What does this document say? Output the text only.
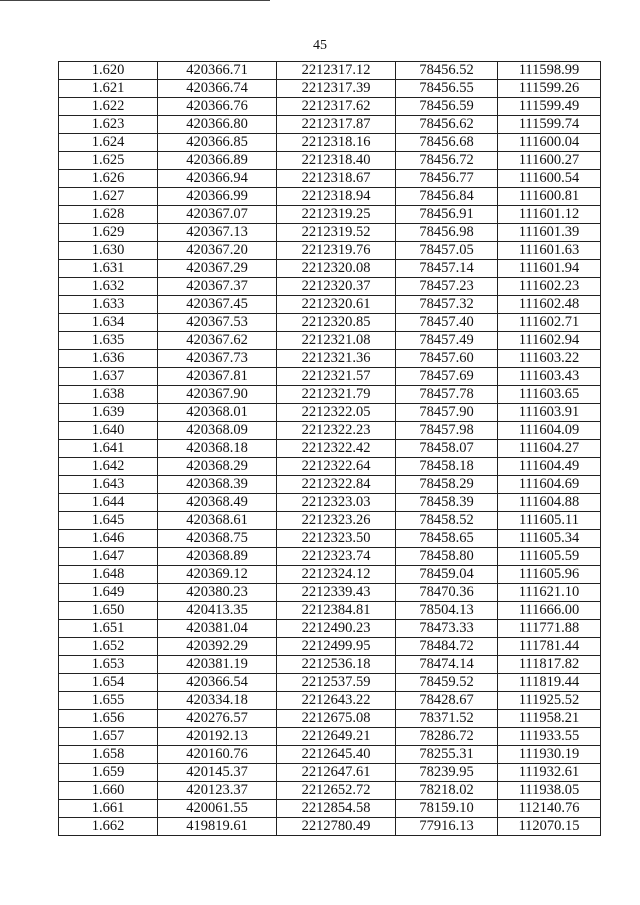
45
1.620	420366.71	2212317.12	78456.52	111598.99
1.621	420366.74	2212317.39	78456.55	111599.26
1.622	420366.76	2212317.62	78456.59	111599.49
1.623	420366.80	2212317.87	78456.62	111599.74
1.624	420366.85	2212318.16	78456.68	111600.04
1.625	420366.89	2212318.40	78456.72	111600.27
1.626	420366.94	2212318.67	78456.77	111600.54
1.627	420366.99	2212318.94	78456.84	111600.81
1.628	420367.07	2212319.25	78456.91	111601.12
1.629	420367.13	2212319.52	78456.98	111601.39
1.630	420367.20	2212319.76	78457.05	111601.63
1.631	420367.29	2212320.08	78457.14	111601.94
1.632	420367.37	2212320.37	78457.23	111602.23
1.633	420367.45	2212320.61	78457.32	111602.48
1.634	420367.53	2212320.85	78457.40	111602.71
1.635	420367.62	2212321.08	78457.49	111602.94
1.636	420367.73	2212321.36	78457.60	111603.22
1.637	420367.81	2212321.57	78457.69	111603.43
1.638	420367.90	2212321.79	78457.78	111603.65
1.639	420368.01	2212322.05	78457.90	111603.91
1.640	420368.09	2212322.23	78457.98	111604.09
1.641	420368.18	2212322.42	78458.07	111604.27
1.642	420368.29	2212322.64	78458.18	111604.49
1.643	420368.39	2212322.84	78458.29	111604.69
1.644	420368.49	2212323.03	78458.39	111604.88
1.645	420368.61	2212323.26	78458.52	111605.11
1.646	420368.75	2212323.50	78458.65	111605.34
1.647	420368.89	2212323.74	78458.80	111605.59
1.648	420369.12	2212324.12	78459.04	111605.96
1.649	420380.23	2212339.43	78470.36	111621.10
1.650	420413.35	2212384.81	78504.13	111666.00
1.651	420381.04	2212490.23	78473.33	111771.88
1.652	420392.29	2212499.95	78484.72	111781.44
1.653	420381.19	2212536.18	78474.14	111817.82
1.654	420366.54	2212537.59	78459.52	111819.44
1.655	420334.18	2212643.22	78428.67	111925.52
1.656	420276.57	2212675.08	78371.52	111958.21
1.657	420192.13	2212649.21	78286.72	111933.55
1.658	420160.76	2212645.40	78255.31	111930.19
1.659	420145.37	2212647.61	78239.95	111932.61
1.660	420123.37	2212652.72	78218.02	111938.05
1.661	420061.55	2212854.58	78159.10	112140.76
1.662	419819.61	2212780.49	77916.13	112070.15
